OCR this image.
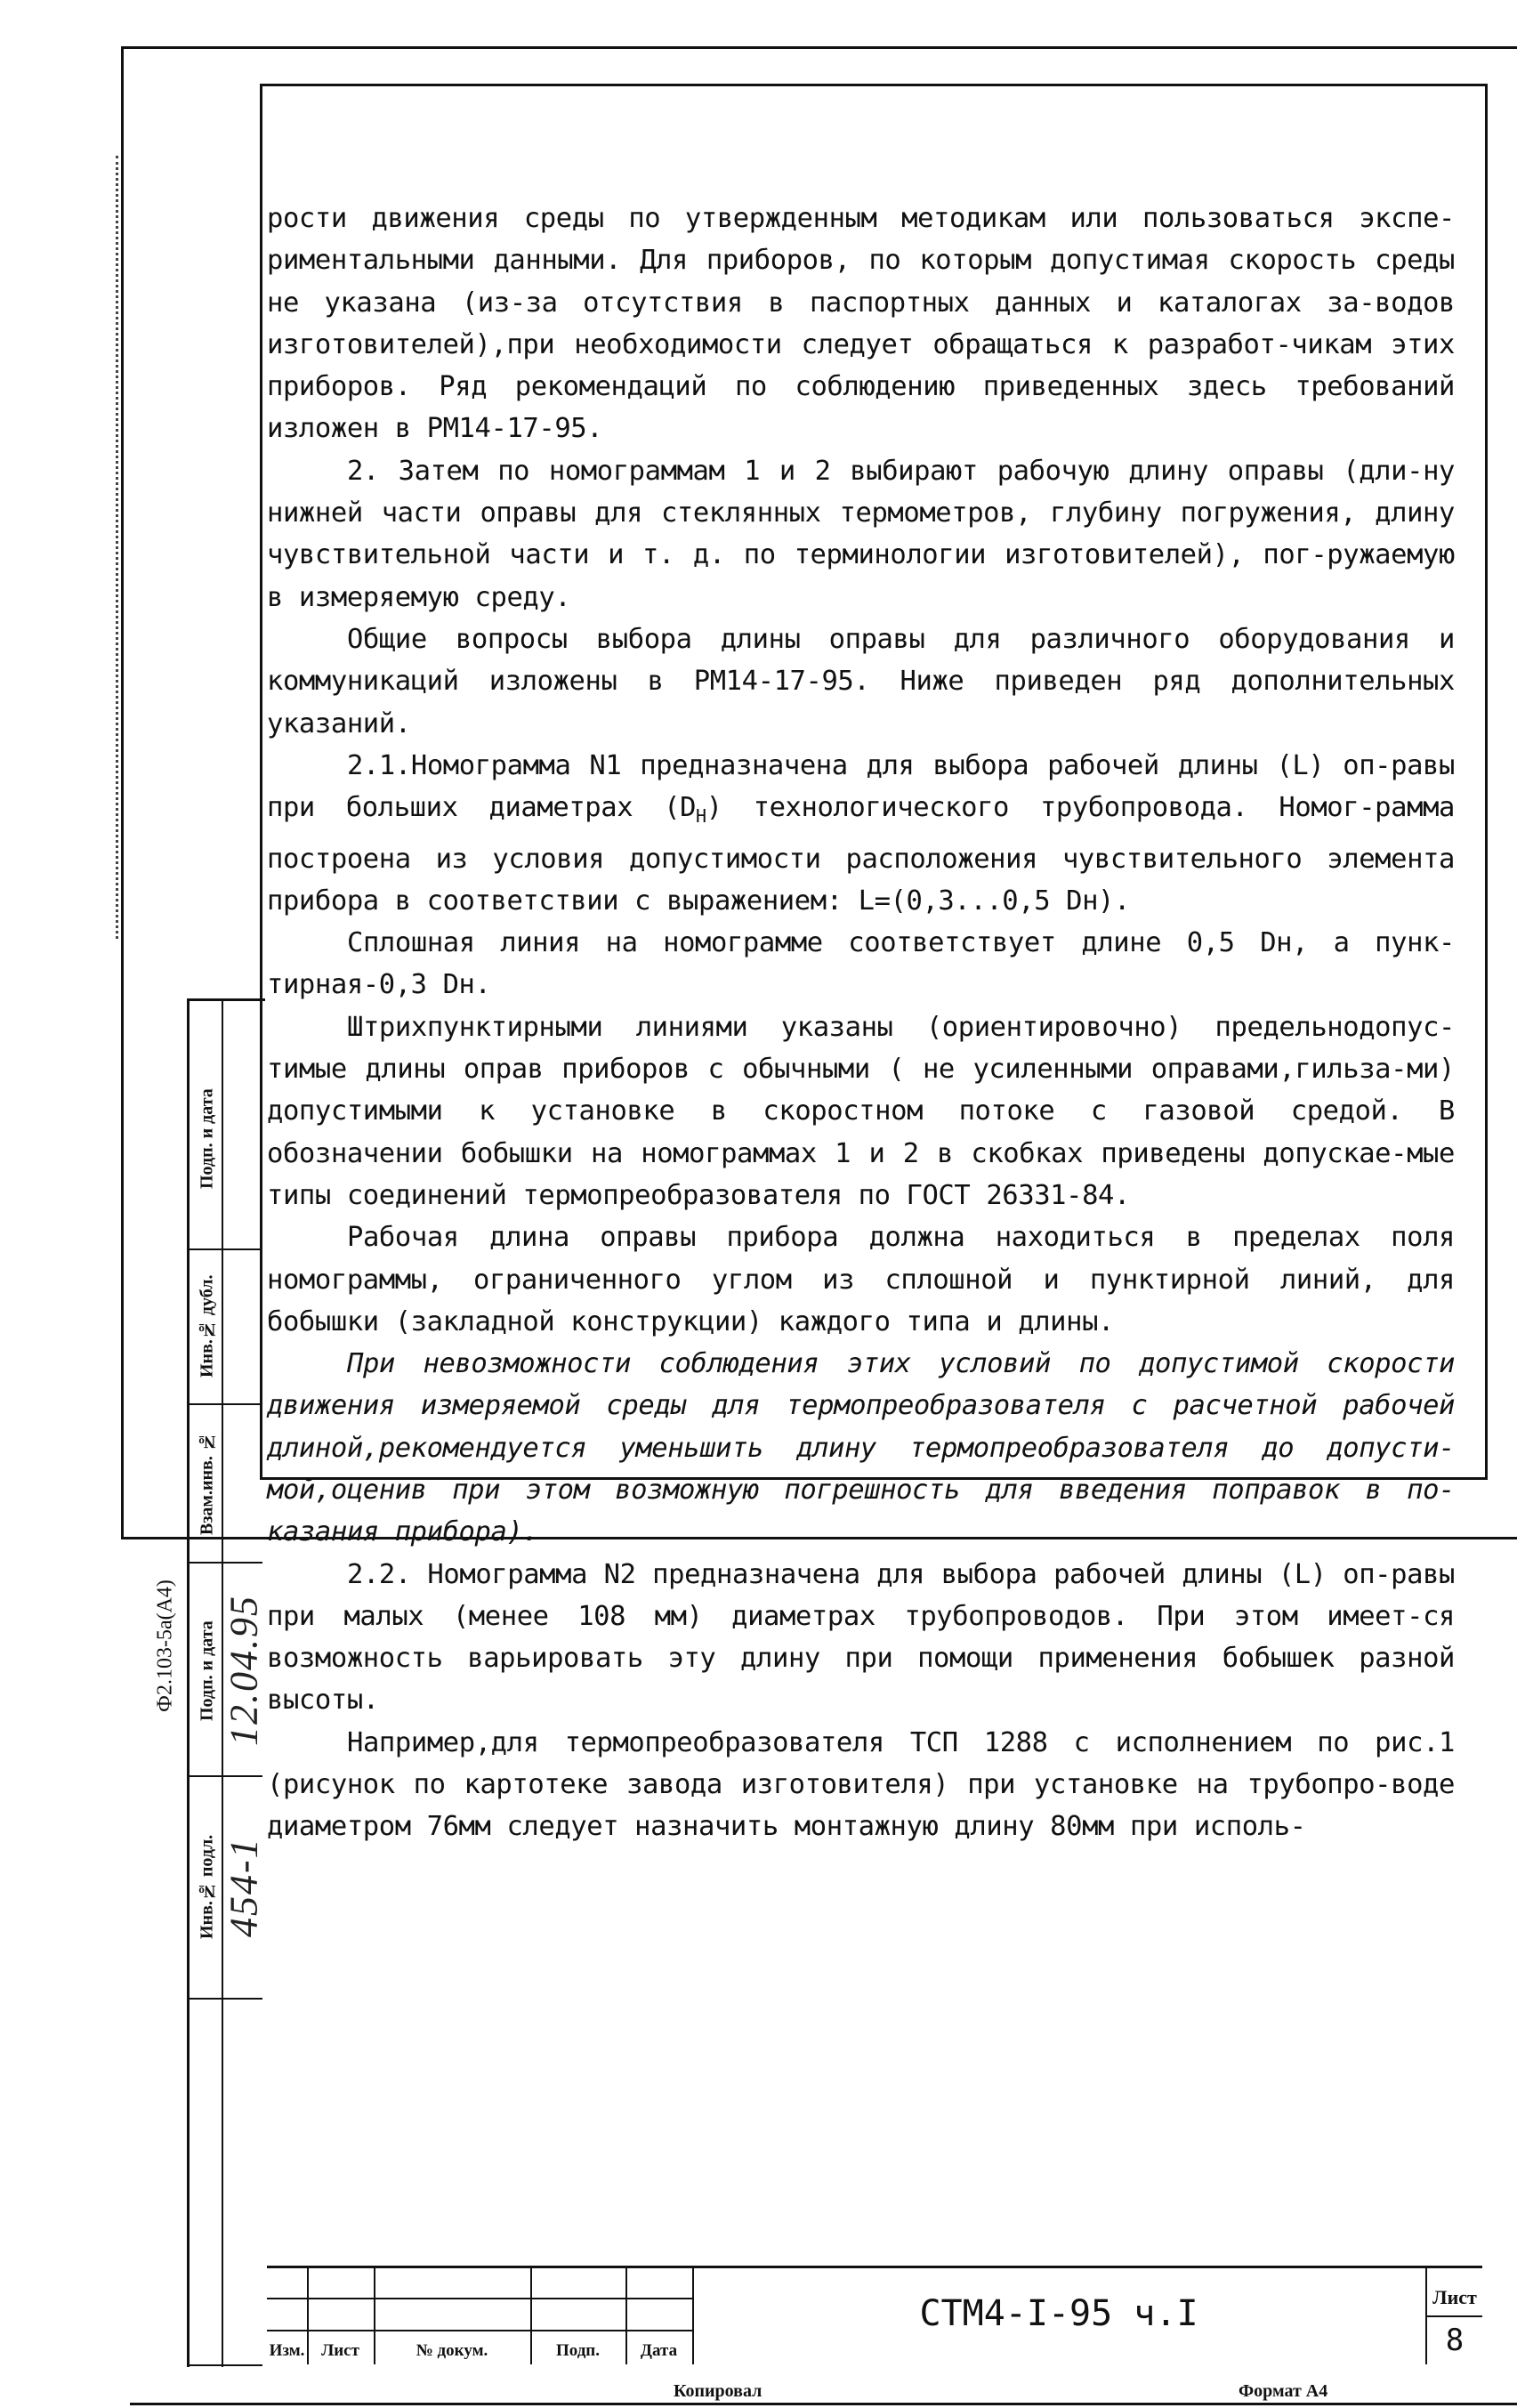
рости движения среды по утвержденным методикам или пользоваться экспе-риментальными данными. Для приборов, по которым допустимая скорость среды не указана (из-за отсутствия в паспортных данных и каталогах за-водов изготовителей),при необходимости следует обращаться к разработ-чикам этих приборов. Ряд рекомендаций по соблюдению приведенных здесь требований изложен в РМ14-17-95.

2. Затем по номограммам 1 и 2 выбирают рабочую длину оправы (дли-ну нижней части оправы для стеклянных термометров, глубину погружения, длину чувствительной части и т. д. по терминологии изготовителей), пог-ружаемую в измеряемую среду.

Общие вопросы выбора длины оправы для различного оборудования и коммуникаций изложены в РМ14-17-95. Ниже приведен ряд дополнительных указаний.

2.1.Номограмма N1 предназначена для выбора рабочей длины (L) оп-равы при больших диаметрах $(D_H)$ технологического трубопровода. Номог-рамма построена из условия допустимости расположения чувствительного элемента прибора в соответствии с выражением: L=(0,3...0,5 Dн).

Сплошная линия на номограмме соответствует длине 0,5 Dн, а пунк-тирная-0,3 Dн.

Штрихпунктирными линиями указаны (ориентировочно) предельнодопус-тимые длины оправ приборов с обычными ( не усиленными оправами,гильза-ми) допустимыми к установке в скоростном потоке с газовой средой. В обозначении бобышки на номограммах 1 и 2 в скобках приведены допускае-мые типы соединений термопреобразователя по ГОСТ 26331-84.

Рабочая длина оправы прибора должна находиться в пределах поля номограммы, ограниченного углом из сплошной и пунктирной линий, для бобышки (закладной конструкции) каждого типа и длины.

При невозможности соблюдения этих условий по допустимой скорости движения измеряемой среды для термопреобразователя с расчетной рабочей длиной,рекомендуется уменьшить длину термопреобразователя до допусти-мой,оценив при этом возможную погрешность для введения поправок в по-казания прибора).

2.2. Номограмма N2 предназначена для выбора рабочей длины (L) оп-равы при малых (менее 108 мм) диаметрах трубопроводов. При этом имеет-ся возможность варьировать эту длину при помощи применения бобышек разной высоты.

Например,для термопреобразователя ТСП 1288 с исполнением по рис.1 (рисунок по картотеке завода изготовителя) при установке на трубопро-воде диаметром 76мм следует назначить монтажную длину 80мм при исполь-

Подп. и дата
Инв.№ дубл.
Взам.инв. №
Подп. и дата
Инв.№ подл.
12.04.95
454-1
Ф2.103-5а(А4)
Изм. Лист	№ докум.	Подп.	Дата
СТМ4-I-95 ч.I	Лист
8
Копировал	Формат А4
